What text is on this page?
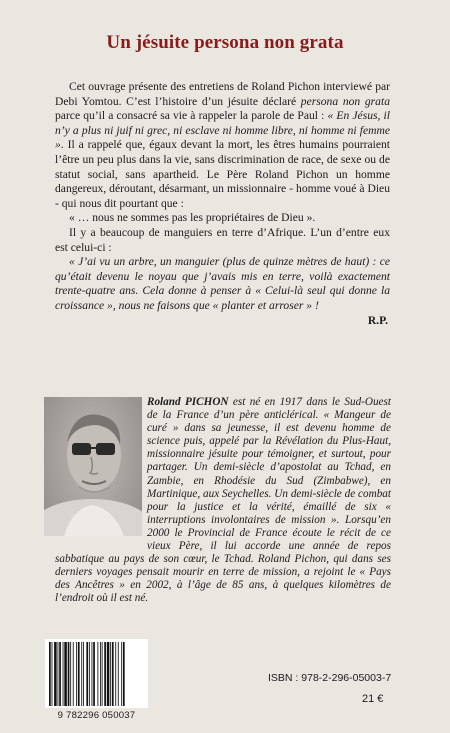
Un jésuite persona non grata

Cet ouvrage présente des entretiens de Roland Pichon interviewé par Debi Yomtou. C’est l’histoire d’un jésuite déclaré persona non grata parce qu’il a consacré sa vie à rappeler la parole de Paul : « En Jésus, il n’y a plus ni juif ni grec, ni esclave ni homme libre, ni homme ni femme ». Il a rappelé que, égaux devant la mort, les êtres humains pourraient l’être un peu plus dans la vie, sans discrimination de race, de sexe ou de statut social, sans apartheid. Le Père Roland Pichon un homme dangereux, déroutant, désarmant, un missionnaire - homme voué à Dieu - qui nous dit pourtant que :

« … nous ne sommes pas les propriétaires de Dieu ».

Il y a beaucoup de manguiers en terre d’Afrique. L’un d’entre eux est celui-ci :

« J’ai vu un arbre, un manguier (plus de quinze mètres de haut) : ce qu’était devenu le noyau que j’avais mis en terre, voilà exactement trente-quatre ans. Cela donne à penser à « Celui-là seul qui donne la croissance », nous ne faisons que « planter et arroser » !

R.P.

Roland PICHON est né en 1917 dans le Sud-Ouest de la France d’un père anticlérical. « Mangeur de curé » dans sa jeunesse, il est devenu homme de science puis, appelé par la Révélation du Plus-Haut, missionnaire jésuite pour témoigner, et surtout, pour partager. Un demi-siècle d’apostolat au Tchad, en Zambie, en Rhodésie du Sud (Zimbabwe), en Martinique, aux Seychelles. Un demi-siècle de combat pour la justice et la vérité, émaillé de six « interruptions involontaires de mission ». Lorsqu’en 2000 le Provincial de France écoute le récit de ce vieux Père, il lui accorde une année de repos sabbatique au pays de son cœur, le Tchad. Roland Pichon, qui dans ses derniers voyages pensait mourir en terre de mission, a rejoint le « Pays des Ancêtres » en 2002, à l’âge de 85 ans, à quelques kilomètres de l’endroit où il est né.

9 782296 050037
ISBN : 978-2-296-05003-7
21 €
